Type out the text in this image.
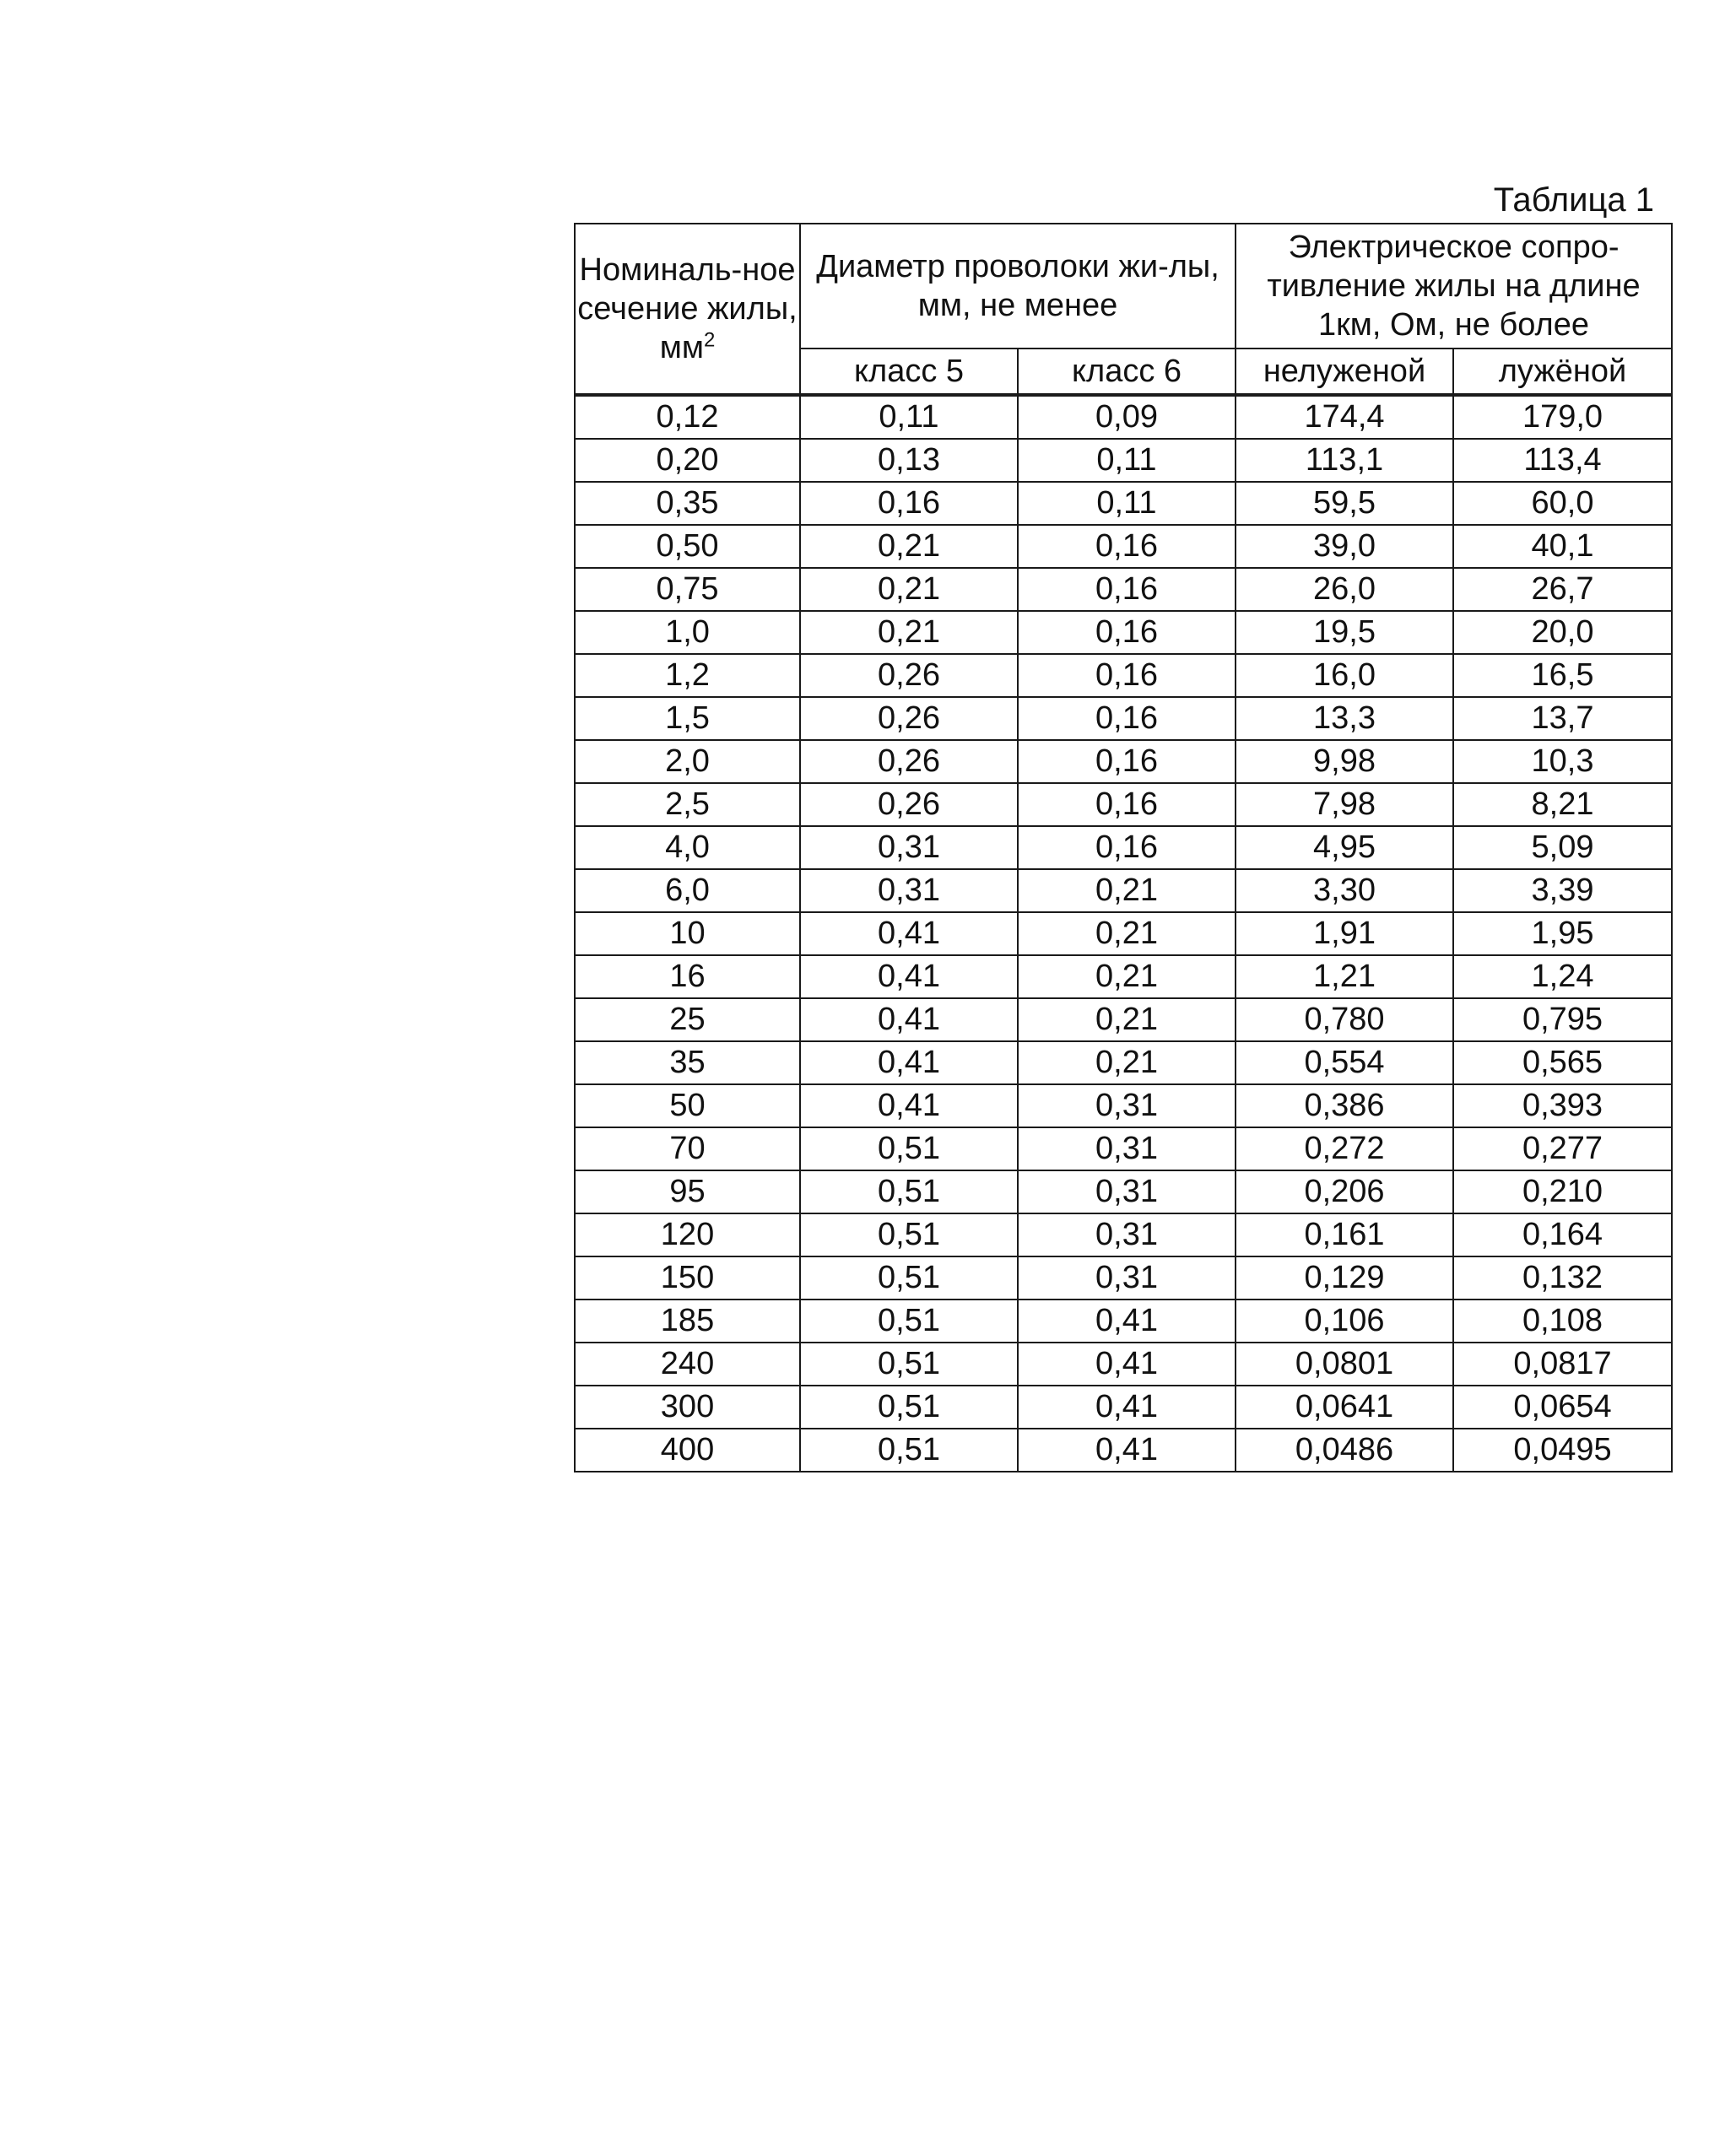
Таблица 1
Номиналь-ное сечение жилы, $мм^2$	Диаметр проволоки жи-лы, мм, не менее		Электрическое сопро-тивление жилы на длине 1км, Ом, не более	
	класс 5	класс 6	нелуженой	лужёной
0,12	0,11	0,09	174,4	179,0
0,20	0,13	0,11	113,1	113,4
0,35	0,16	0,11	59,5	60,0
0,50	0,21	0,16	39,0	40,1
0,75	0,21	0,16	26,0	26,7
1,0	0,21	0,16	19,5	20,0
1,2	0,26	0,16	16,0	16,5
1,5	0,26	0,16	13,3	13,7
2,0	0,26	0,16	9,98	10,3
2,5	0,26	0,16	7,98	8,21
4,0	0,31	0,16	4,95	5,09
6,0	0,31	0,21	3,30	3,39
10	0,41	0,21	1,91	1,95
16	0,41	0,21	1,21	1,24
25	0,41	0,21	0,780	0,795
35	0,41	0,21	0,554	0,565
50	0,41	0,31	0,386	0,393
70	0,51	0,31	0,272	0,277
95	0,51	0,31	0,206	0,210
120	0,51	0,31	0,161	0,164
150	0,51	0,31	0,129	0,132
185	0,51	0,41	0,106	0,108
240	0,51	0,41	0,0801	0,0817
300	0,51	0,41	0,0641	0,0654
400	0,51	0,41	0,0486	0,0495
